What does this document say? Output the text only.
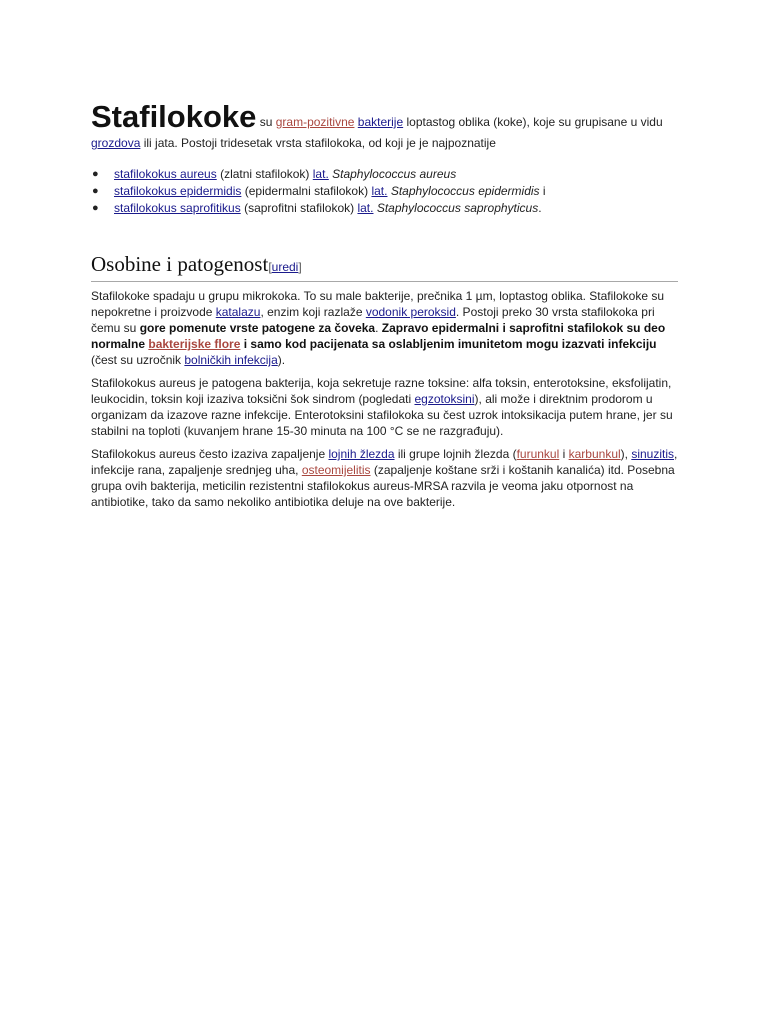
Stafilokoke su gram-pozitivne bakterije loptastog oblika (koke), koje su grupisane u vidu grozdova ili jata. Postoji tridesetak vrsta stafilokoka, od koji je je najpoznatije

● stafilokokus aureus (zlatni stafilokok) lat. Staphylococcus aureus
● stafilokokus epidermidis (epidermalni stafilokok) lat. Staphylococcus epidermidis i
● stafilokokus saprofitikus (saprofitni stafilokok) lat. Staphylococcus saprophyticus.
Osobine i patogenost[uredi]

Stafilokoke spadaju u grupu mikrokoka. To su male bakterije, prečnika 1 µm, loptastog oblika. Stafilokoke su nepokretne i proizvode katalazu, enzim koji razlaže vodonik peroksid. Postoji preko 30 vrsta stafilokoka pri čemu su gore pomenute vrste patogene za čoveka. Zapravo epidermalni i saprofitni stafilokok su deo normalne bakterijske flore i samo kod pacijenata sa oslabljenim imunitetom mogu izazvati infekciju (čest su uzročnik bolničkih infekcija).

Stafilokokus aureus je patogena bakterija, koja sekretuje razne toksine: alfa toksin, enterotoksine, eksfolijatin, leukocidin, toksin koji izaziva toksični šok sindrom (pogledati egzotoksini), ali može i direktnim prodorom u organizam da izazove razne infekcije. Enterotoksini stafilokoka su čest uzrok intoksikacija putem hrane, jer su stabilni na toploti (kuvanjem hrane 15-30 minuta na 100 °C se ne razgrađuju).

Stafilokokus aureus često izaziva zapaljenje lojnih žlezda ili grupe lojnih žlezda (furunkul i karbunkul), sinuzitis, infekcije rana, zapaljenje srednjeg uha, osteomijelitis (zapaljenje koštane srži i koštanih kanalića) itd. Posebna grupa ovih bakterija, meticilin rezistentni stafilokokus aureus-MRSA razvila je veoma jaku otpornost na antibiotike, tako da samo nekoliko antibiotika deluje na ove bakterije.
